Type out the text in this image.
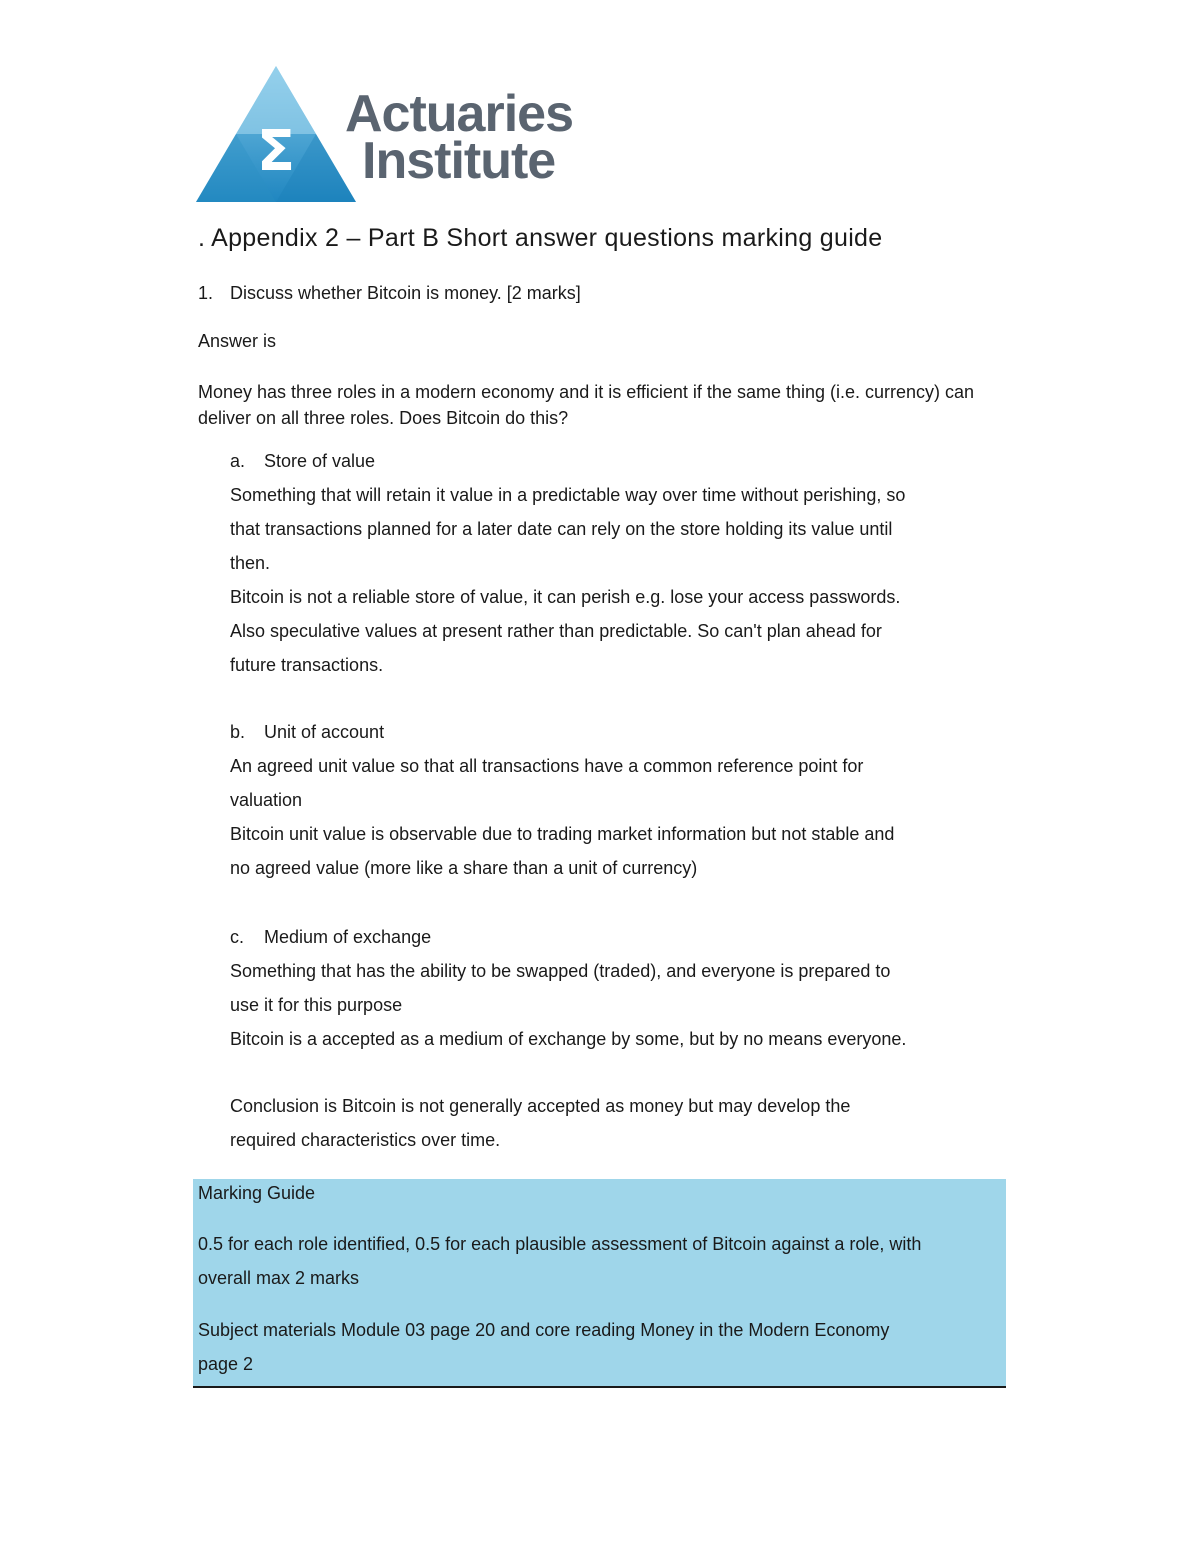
Σ
Actuaries
Institute
. Appendix 2 – Part B Short answer questions marking guide
1. Discuss whether Bitcoin is money. [2 marks]
Answer is
Money has three roles in a modern economy and it is efficient if the same thing (i.e. currency) can deliver on all three roles. Does Bitcoin do this?
a. Store of value
Something that will retain it value in a predictable way over time without perishing, so
that transactions planned for a later date can rely on the store holding its value until
then.
Bitcoin is not a reliable store of value, it can perish e.g. lose your access passwords.
Also speculative values at present rather than predictable. So can't plan ahead for
future transactions.
b. Unit of account
An agreed unit value so that all transactions have a common reference point for
valuation
Bitcoin unit value is observable due to trading market information but not stable and
no agreed value (more like a share than a unit of currency)
c. Medium of exchange
Something that has the ability to be swapped (traded), and everyone is prepared to
use it for this purpose
Bitcoin is a accepted as a medium of exchange by some, but by no means everyone.
Conclusion is Bitcoin is not generally accepted as money but may develop the
required characteristics over time.
Marking Guide
0.5 for each role identified, 0.5 for each plausible assessment of Bitcoin against a role, with
overall max 2 marks
Subject materials Module 03 page 20 and core reading Money in the Modern Economy
page 2
